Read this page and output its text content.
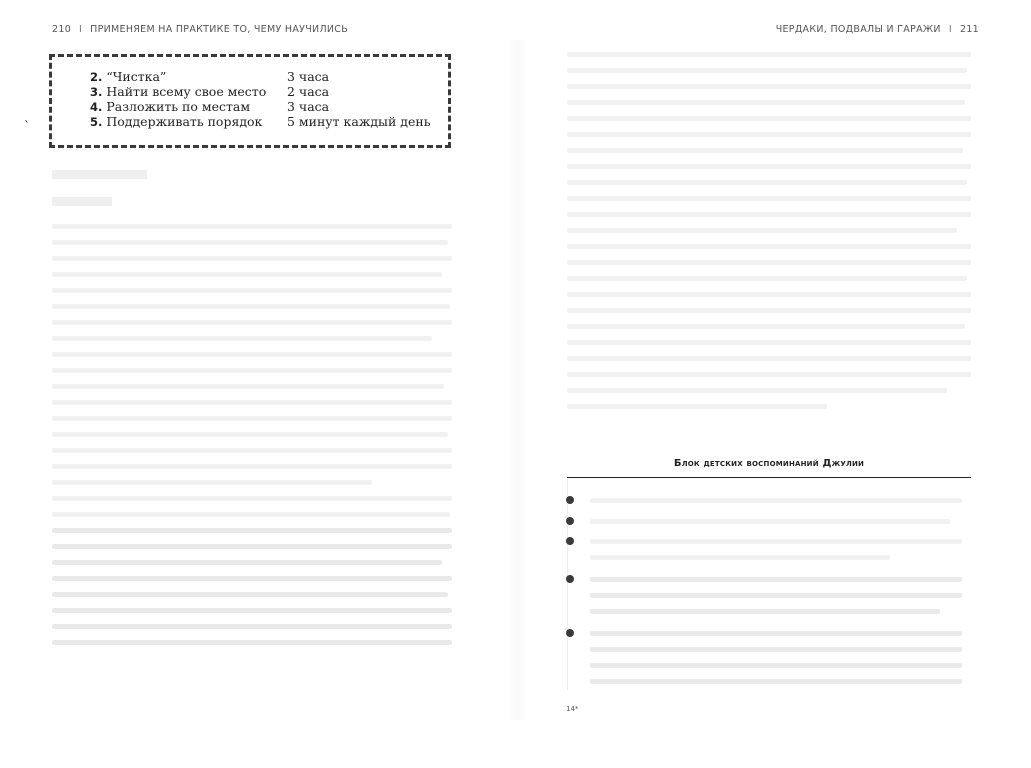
210 I ПРИМЕНЯЕМ НА ПРАКТИКЕ ТО, ЧЕМУ НАУЧИЛИСЬ
`
2. “Чистка”	3 часа
3. Найти всему свое место	2 часа
4. Разложить по местам	3 часа
5. Поддерживать порядок	5 минут каждый день
ЧЕРДАКИ, ПОДВАЛЫ И ГАРАЖИ I 211
Блок детских воспоминаний Джулии
14*
